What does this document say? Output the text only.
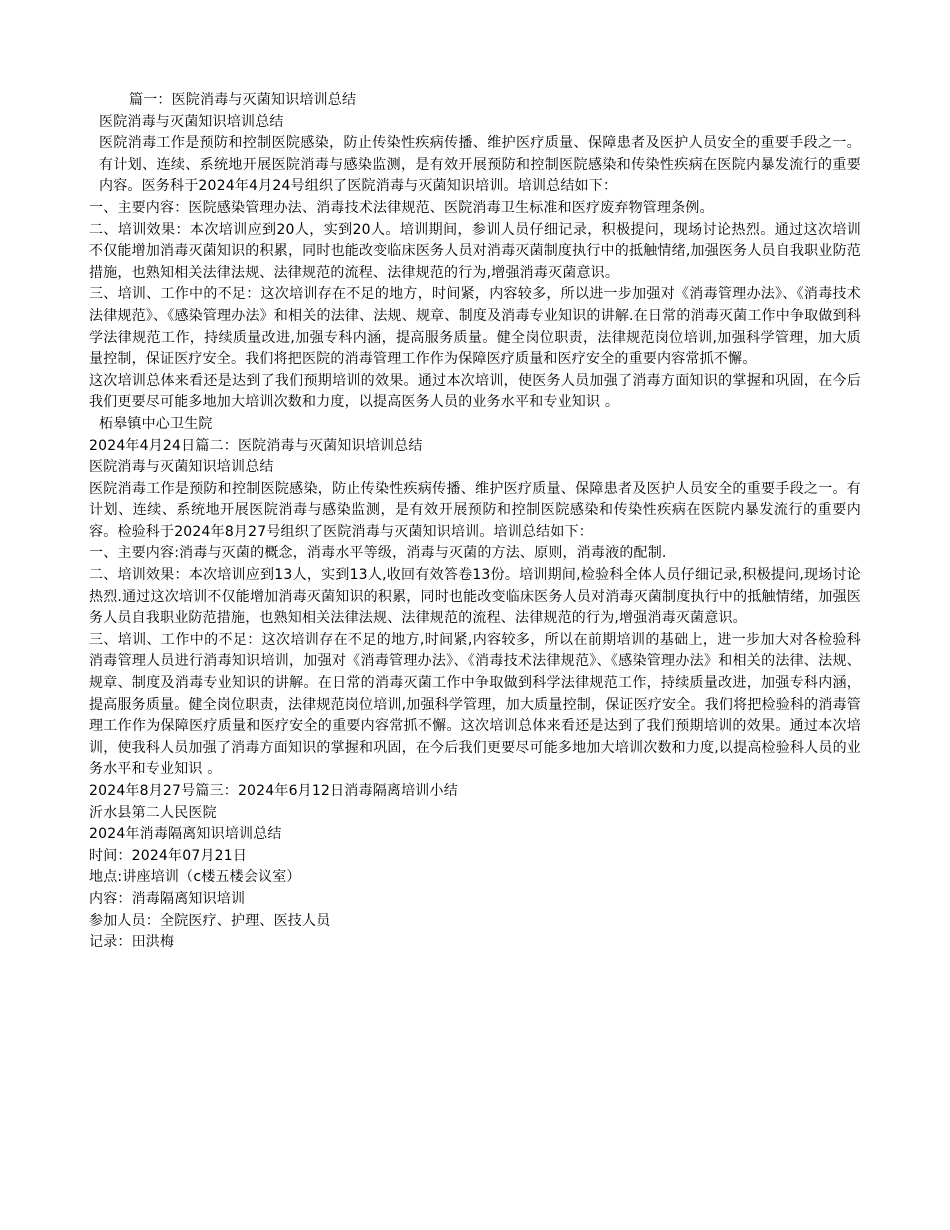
篇一：医院消毒与灭菌知识培训总结
医院消毒与灭菌知识培训总结
医院消毒工作是预防和控制医院感染，防止传染性疾病传播、维护医疗质量、保障患者及医护人员安全的重要手段之一。有计划、连续、系统地开展医院消毒与感染监测，是有效开展预防和控制医院感染和传染性疾病在医院内暴发流行的重要内容。医务科于2024年4月24号组织了医院消毒与灭菌知识培训。培训总结如下：
一、主要内容：医院感染管理办法、消毒技术法律规范、医院消毒卫生标准和医疗废弃物管理条例。
二、培训效果：本次培训应到20人，实到20人。培训期间，参训人员仔细记录，积极提问，现场讨论热烈。通过这次培训不仅能增加消毒灭菌知识的积累，同时也能改变临床医务人员对消毒灭菌制度执行中的抵触情绪,加强医务人员自我职业防范措施，也熟知相关法律法规、法律规范的流程、法律规范的行为,增强消毒灭菌意识。
三、培训、工作中的不足：这次培训存在不足的地方，时间紧，内容较多，所以进一步加强对《消毒管理办法》、《消毒技术法律规范》、《感染管理办法》和相关的法律、法规、规章、制度及消毒专业知识的讲解.在日常的消毒灭菌工作中争取做到科学法律规范工作，持续质量改进,加强专科内涵，提高服务质量。健全岗位职责，法律规范岗位培训,加强科学管理，加大质量控制，保证医疗安全。我们将把医院的消毒管理工作作为保障医疗质量和医疗安全的重要内容常抓不懈。
这次培训总体来看还是达到了我们预期培训的效果。通过本次培训，使医务人员加强了消毒方面知识的掌握和巩固，在今后我们更要尽可能多地加大培训次数和力度，以提高医务人员的业务水平和专业知识 。
柘皋镇中心卫生院
2024年4月24日篇二：医院消毒与灭菌知识培训总结
医院消毒与灭菌知识培训总结
医院消毒工作是预防和控制医院感染，防止传染性疾病传播、维护医疗质量、保障患者及医护人员安全的重要手段之一。有计划、连续、系统地开展医院消毒与感染监测，是有效开展预防和控制医院感染和传染性疾病在医院内暴发流行的重要内容。检验科于2024年8月27号组织了医院消毒与灭菌知识培训。培训总结如下：
一、主要内容:消毒与灭菌的概念，消毒水平等级，消毒与灭菌的方法、原则，消毒液的配制.
二、培训效果：本次培训应到13人，实到13人,收回有效答卷13份。培训期间,检验科全体人员仔细记录,积极提问,现场讨论热烈.通过这次培训不仅能增加消毒灭菌知识的积累，同时也能改变临床医务人员对消毒灭菌制度执行中的抵触情绪，加强医务人员自我职业防范措施，也熟知相关法律法规、法律规范的流程、法律规范的行为,增强消毒灭菌意识。
三、培训、工作中的不足：这次培训存在不足的地方,时间紧,内容较多，所以在前期培训的基础上，进一步加大对各检验科消毒管理人员进行消毒知识培训，加强对《消毒管理办法》、《消毒技术法律规范》、《感染管理办法》和相关的法律、法规、规章、制度及消毒专业知识的讲解。在日常的消毒灭菌工作中争取做到科学法律规范工作，持续质量改进，加强专科内涵，提高服务质量。健全岗位职责，法律规范岗位培训,加强科学管理，加大质量控制，保证医疗安全。我们将把检验科的消毒管理工作作为保障医疗质量和医疗安全的重要内容常抓不懈。这次培训总体来看还是达到了我们预期培训的效果。通过本次培训，使我科人员加强了消毒方面知识的掌握和巩固，在今后我们更要尽可能多地加大培训次数和力度,以提高检验科人员的业务水平和专业知识 。
2024年8月27号篇三：2024年6月12日消毒隔离培训小结
沂水县第二人民医院
2024年消毒隔离知识培训总结
时间：2024年07月21日
地点:讲座培训（c楼五楼会议室）
内容：消毒隔离知识培训
参加人员：全院医疗、护理、医技人员
记录：田洪梅
